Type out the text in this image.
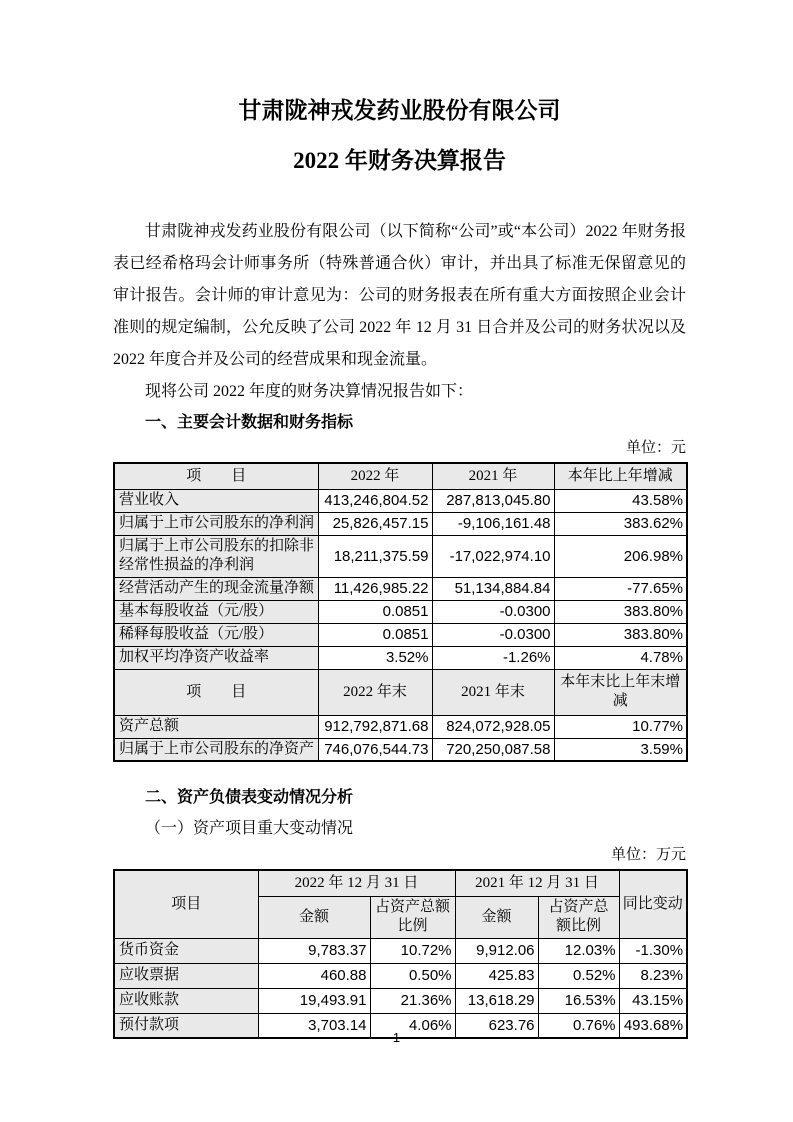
甘肃陇神戎发药业股份有限公司
2022 年财务决算报告

甘肃陇神戎发药业股份有限公司（以下简称“公司”或“本公司）2022 年财务报表已经希格玛会计师事务所（特殊普通合伙）审计，并出具了标准无保留意见的审计报告。会计师的审计意见为：公司的财务报表在所有重大方面按照企业会计准则的规定编制，公允反映了公司 2022 年 12 月 31 日合并及公司的财务状况以及 2022 年度合并及公司的经营成果和现金流量。

现将公司 2022 年度的财务决算情况报告如下：

一、主要会计数据和财务指标
单位：元
项　　目	2022 年	2021 年	本年比上年增减
营业收入	413,246,804.52	287,813,045.80	43.58%
归属于上市公司股东的净利润	25,826,457.15	-9,106,161.48	383.62%
归属于上市公司股东的扣除非经常性损益的净利润	18,211,375.59	-17,022,974.10	206.98%
经营活动产生的现金流量净额	11,426,985.22	51,134,884.84	-77.65%
基本每股收益（元/股）	0.0851	-0.0300	383.80%
稀释每股收益（元/股）	0.0851	-0.0300	383.80%
加权平均净资产收益率	3.52%	-1.26%	4.78%
项　　目	2022 年末	2021 年末	本年末比上年末增减
资产总额	912,792,871.68	824,072,928.05	10.77%
归属于上市公司股东的净资产	746,076,544.73	720,250,087.58	3.59%
二、资产负债表变动情况分析
（一）资产项目重大变动情况
单位：万元
项目	2022 年 12 月 31 日		2021 年 12 月 31 日		同比变动
	金额	占资产总额比例	金额	占资产总额比例	
货币资金	9,783.37	10.72%	9,912.06	12.03%	-1.30%
应收票据	460.88	0.50%	425.83	0.52%	8.23%
应收账款	19,493.91	21.36%	13,618.29	16.53%	43.15%
预付款项	3,703.14	4.06%	623.76	0.76%	493.68%
1
